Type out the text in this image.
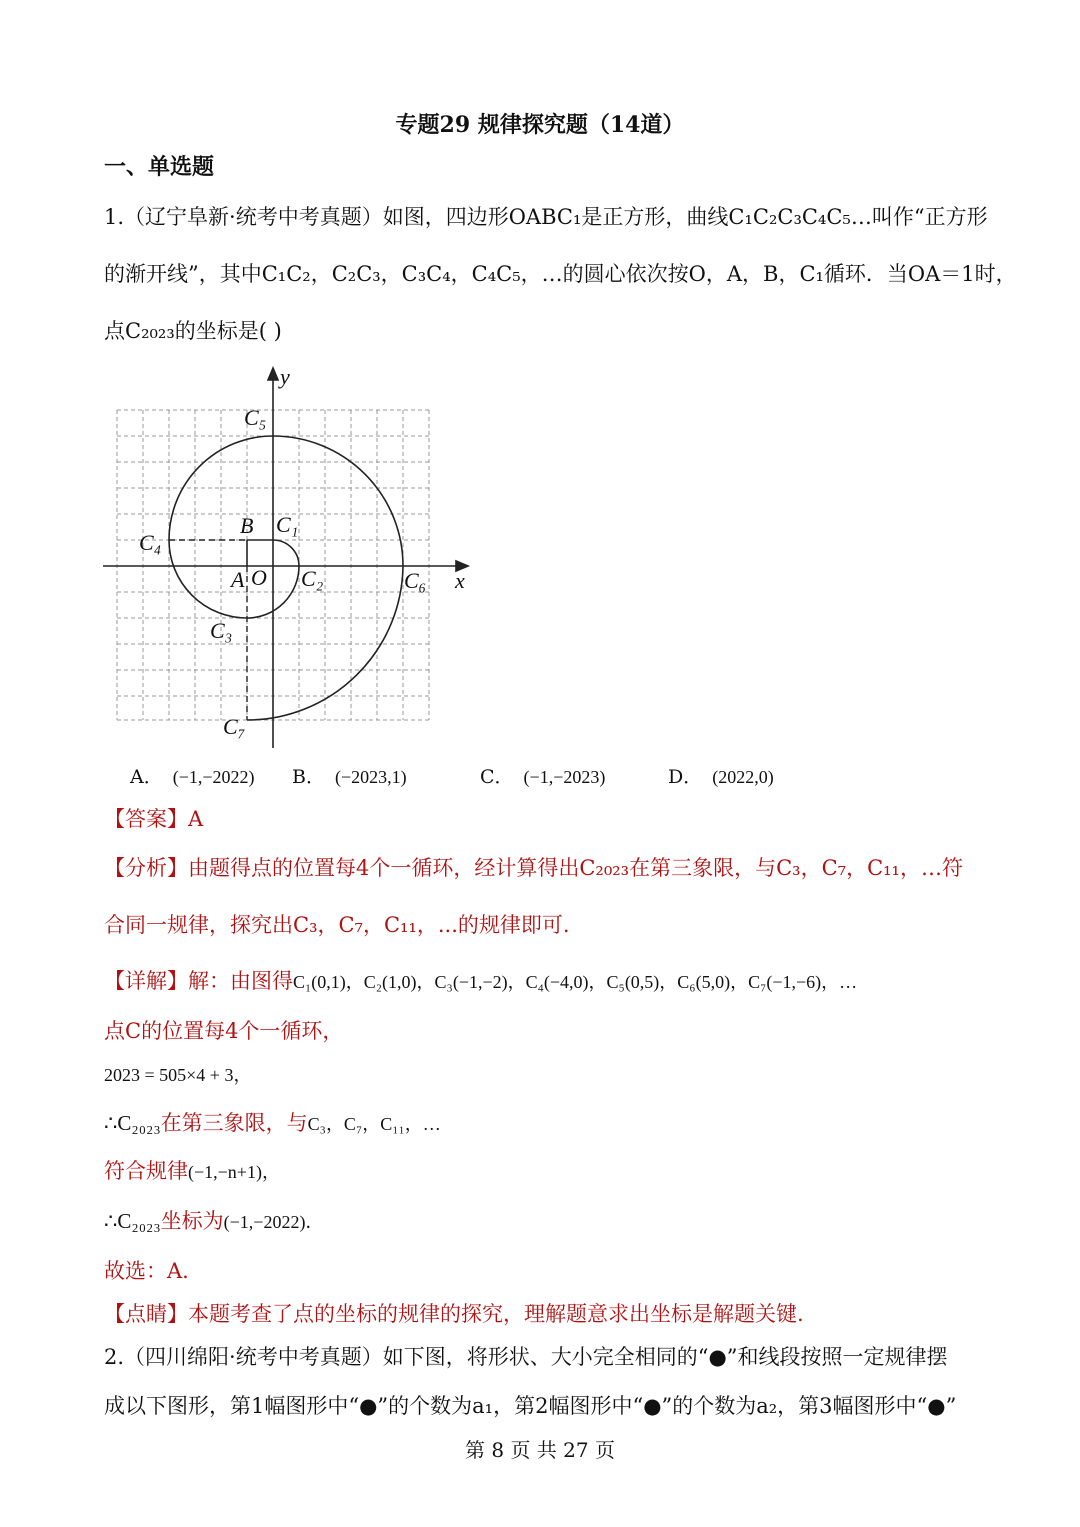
专题29 规律探究题（14道）
一、单选题
1.（辽宁阜新·统考中考真题）如图，四边形OABC₁是正方形，曲线C₁C₂C₃C₄C₅…叫作“正方形
的渐开线”，其中C₁C₂，C₂C₃，C₃C₄，C₄C₅，…的圆心依次按O，A，B，C₁循环．当OA＝1时，
点C₂₀₂₃的坐标是( )
y
x
C₅
B C₁
C₄
A O C₂	C₆
C₃
C₇
A． (−1,−2022) B． (−2023,1)	C． (−1,−2023)	D． (2022,0)
【答案】A
【分析】由题得点的位置每4个一循环，经计算得出C₂₀₂₃在第三象限，与C₃，C₇，C₁₁，…符
合同一规律，探究出C₃，C₇，C₁₁，...的规律即可.
【详解】解：由图得C₁(0,1)，C₂(1,0)，C₃(−1,−2)，C₄(−4,0)，C₅(0,5)，C₆(5,0)，C₇(−1,−6)，…
点C的位置每4个一循环，
2023 = 505×4 + 3，
∴C₂₀₂₃在第三象限，与C₃，C₇，C₁₁，…
符合规律(−1,−n+1)，
∴C₂₀₂₃坐标为(−1,−2022)．
故选：A.
【点睛】本题考查了点的坐标的规律的探究，理解题意求出坐标是解题关键.
2.（四川绵阳·统考中考真题）如下图，将形状、大小完全相同的“●”和线段按照一定规律摆
成以下图形，第1幅图形中“●”的个数为a₁，第2幅图形中“●”的个数为a₂，第3幅图形中“●”
第 8 页 共 27 页
